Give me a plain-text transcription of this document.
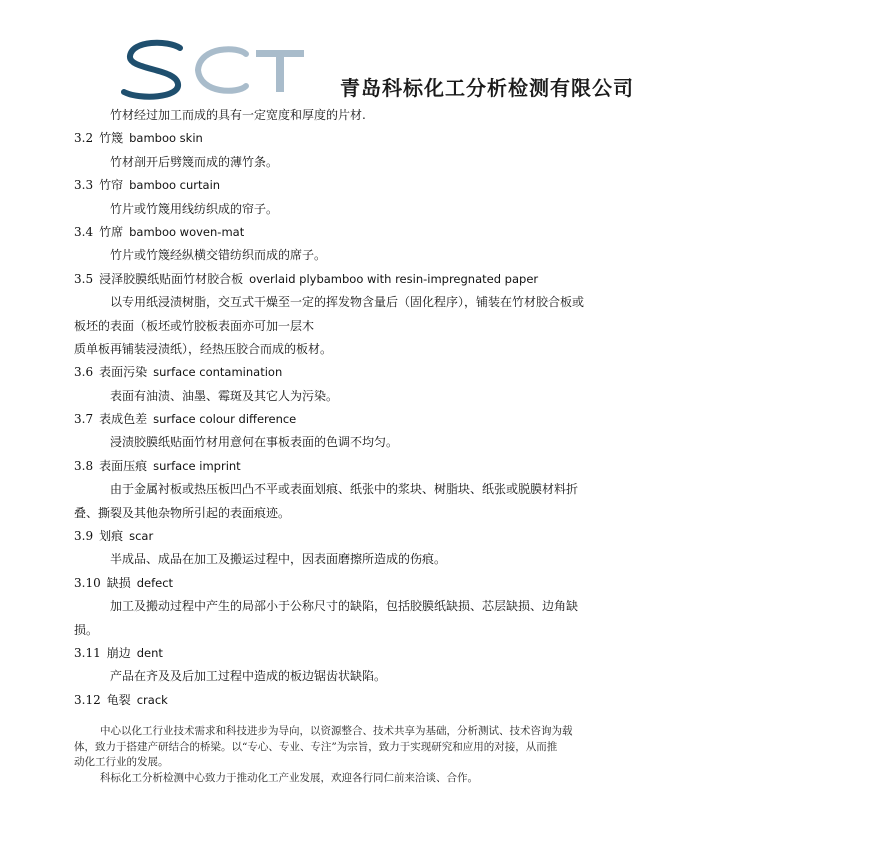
青岛科标化工分析检测有限公司
竹材经过加工而成的具有一定宽度和厚度的片材.
3.2 竹篾 bamboo skin
竹材剖开后劈篾而成的薄竹条。
3.3 竹帘 bamboo curtain
竹片或竹篾用线纺织成的帘子。
3.4 竹席 bamboo woven-mat
竹片或竹篾经纵横交错纺织而成的席子。
3.5 浸泽胶膜纸贴面竹材胶合板 overlaid plybamboo with resin-impregnated paper
以专用纸浸渍树脂，交互式干燥至一定的挥发物含量后（固化程序），铺装在竹材胶合板或
板坯的表面（板坯或竹胶板表面亦可加一层木
质单板再铺装浸渍纸），经热压胶合而成的板材。
3.6 表面污染 surface contamination
表面有油渍、油墨、霉斑及其它人为污染。
3.7 表成色差 surface colour difference
浸渍胶膜纸贴面竹材用意何在事板表面的色调不均匀。
3.8 表面压痕 surface imprint
由于金属衬板或热压板凹凸不平或表面划痕、纸张中的浆块、树脂块、纸张或脱膜材料折
叠、撕裂及其他杂物所引起的表面痕迹。
3.9 划痕 scar
半成品、成品在加工及搬运过程中，因表面磨擦所造成的伤痕。
3.10 缺损 defect
加工及搬动过程中产生的局部小于公称尺寸的缺陷，包括胶膜纸缺损、芯层缺损、边角缺
损。
3.11 崩边 dent
产品在齐及及后加工过程中造成的板边锯齿状缺陷。
3.12 龟裂 crack
中心以化工行业技术需求和科技进步为导向，以资源整合、技术共享为基础，分析测试、技术咨询为载
体，致力于搭建产研结合的桥梁。以“专心、专业、专注”为宗旨，致力于实现研究和应用的对接，从而推
动化工行业的发展。
科标化工分析检测中心致力于推动化工产业发展，欢迎各行同仁前来洽谈、合作。
